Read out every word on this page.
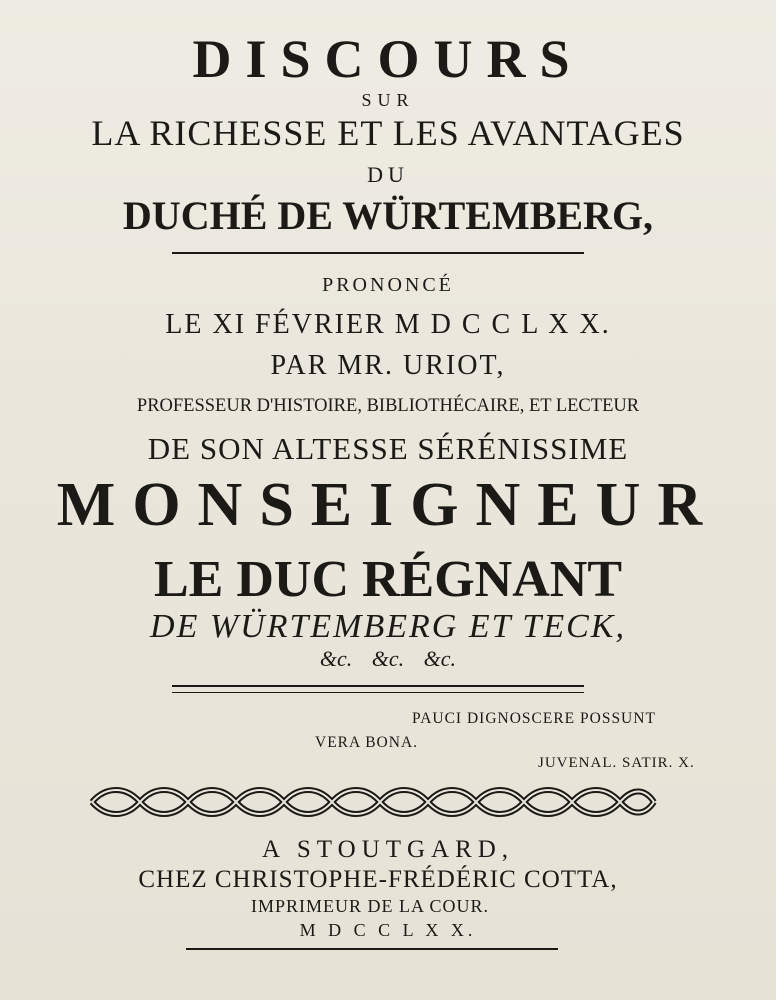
DISCOURS
SUR
LA RICHESSE ET LES AVANTAGES
DU
DUCHÉ DE WÜRTEMBERG,
PRONONCÉ
LE XI FÉVRIER M D C C L X X.
PAR MR. URIOT,
PROFESSEUR D'HISTOIRE, BIBLIOTHÉCAIRE, ET LECTEUR
DE SON ALTESSE SÉRÉNISSIME
MONSEIGNEUR
LE DUC RÉGNANT
DE WÜRTEMBERG ET TECK,
&c. &c. &c.
PAUCI DIGNOSCERE POSSUNT
VERA BONA.
JUVENAL. SATIR. X.
A STOUTGARD,
CHEZ CHRISTOPHE-FRÉDÉRIC COTTA,
IMPRIMEUR DE LA COUR.
M D C C L X X.
